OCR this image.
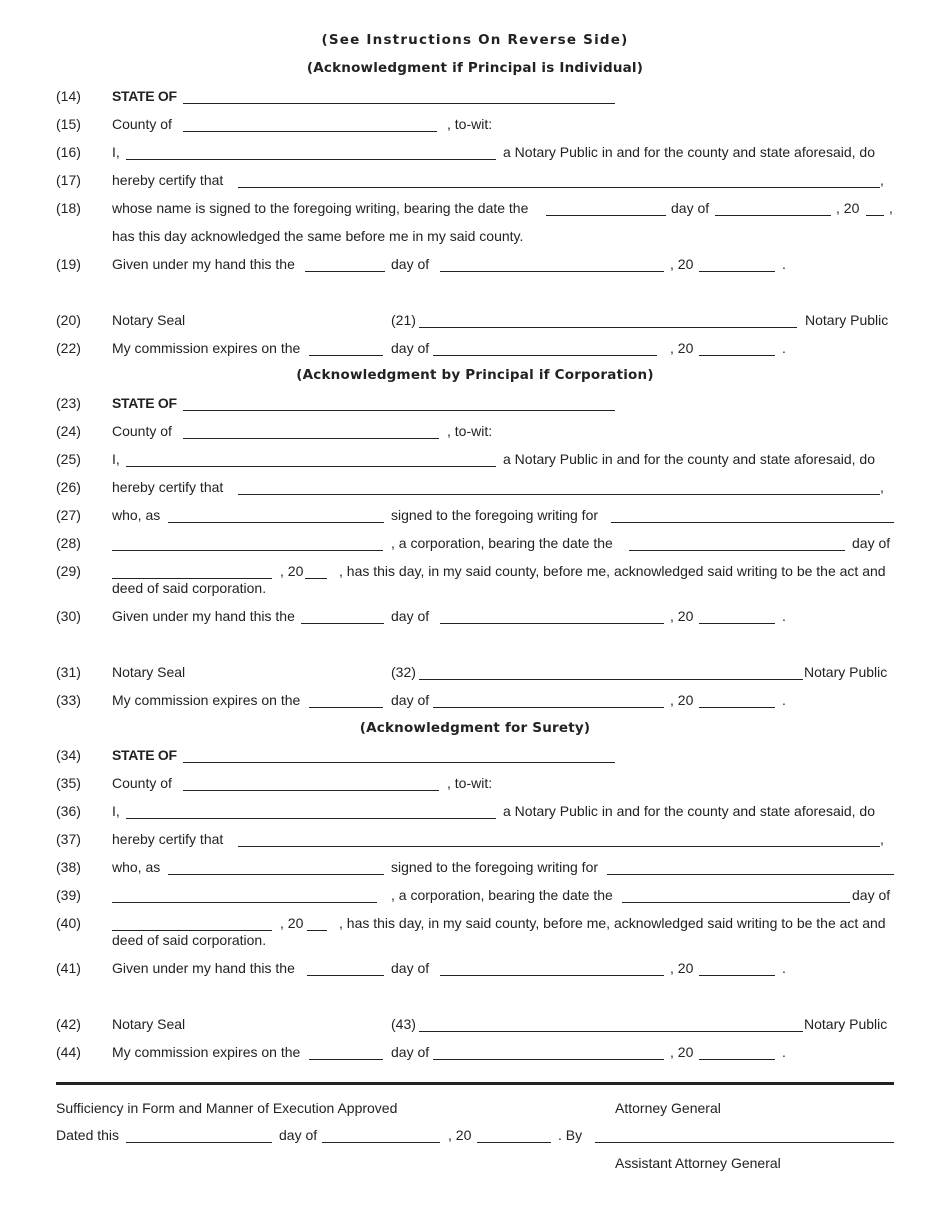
(See Instructions On Reverse Side)
(Acknowledgment if Principal is Individual)
(14) STATE OF
(15) County of	, to-wit:
(16) I,	a Notary Public in and for the county and state aforesaid, do
(17) hereby certify that	,
(18) whose name is signed to the foregoing writing, bearing the date the	day of	, 20 ,
has this day acknowledged the same before me in my said county.
(19) Given under my hand this the	day of	, 20	.
(20) Notary Seal	(21)	Notary Public
(22) My commission expires on the	day of	, 20	.
(Acknowledgment by Principal if Corporation)
(23) STATE OF
(24) County of	, to-wit:
(25) I,	a Notary Public in and for the county and state aforesaid, do
(26) hereby certify that	,
(27) who, as	signed to the foregoing writing for
(28)	, a corporation, bearing the date the	day of
(29)	, 20	, has this day, in my said county, before me, acknowledged said writing to be the act and
deed of said corporation.
(30) Given under my hand this the	day of	, 20	.
(31) Notary Seal	(32)	Notary Public
(33) My commission expires on the	day of	, 20	.
(Acknowledgment for Surety)
(34) STATE OF
(35) County of	, to-wit:
(36) I,	a Notary Public in and for the county and state aforesaid, do
(37) hereby certify that	,
(38) who, as	signed to the foregoing writing for
(39)	, a corporation, bearing the date the	day of
(40)	, 20	, has this day, in my said county, before me, acknowledged said writing to be the act and
deed of said corporation.
(41) Given under my hand this the	day of	, 20	.
(42) Notary Seal	(43)	Notary Public
(44) My commission expires on the	day of	, 20	.
Sufficiency in Form and Manner of Execution Approved	Attorney General
Dated this	day of	, 20	. By
Assistant Attorney General
